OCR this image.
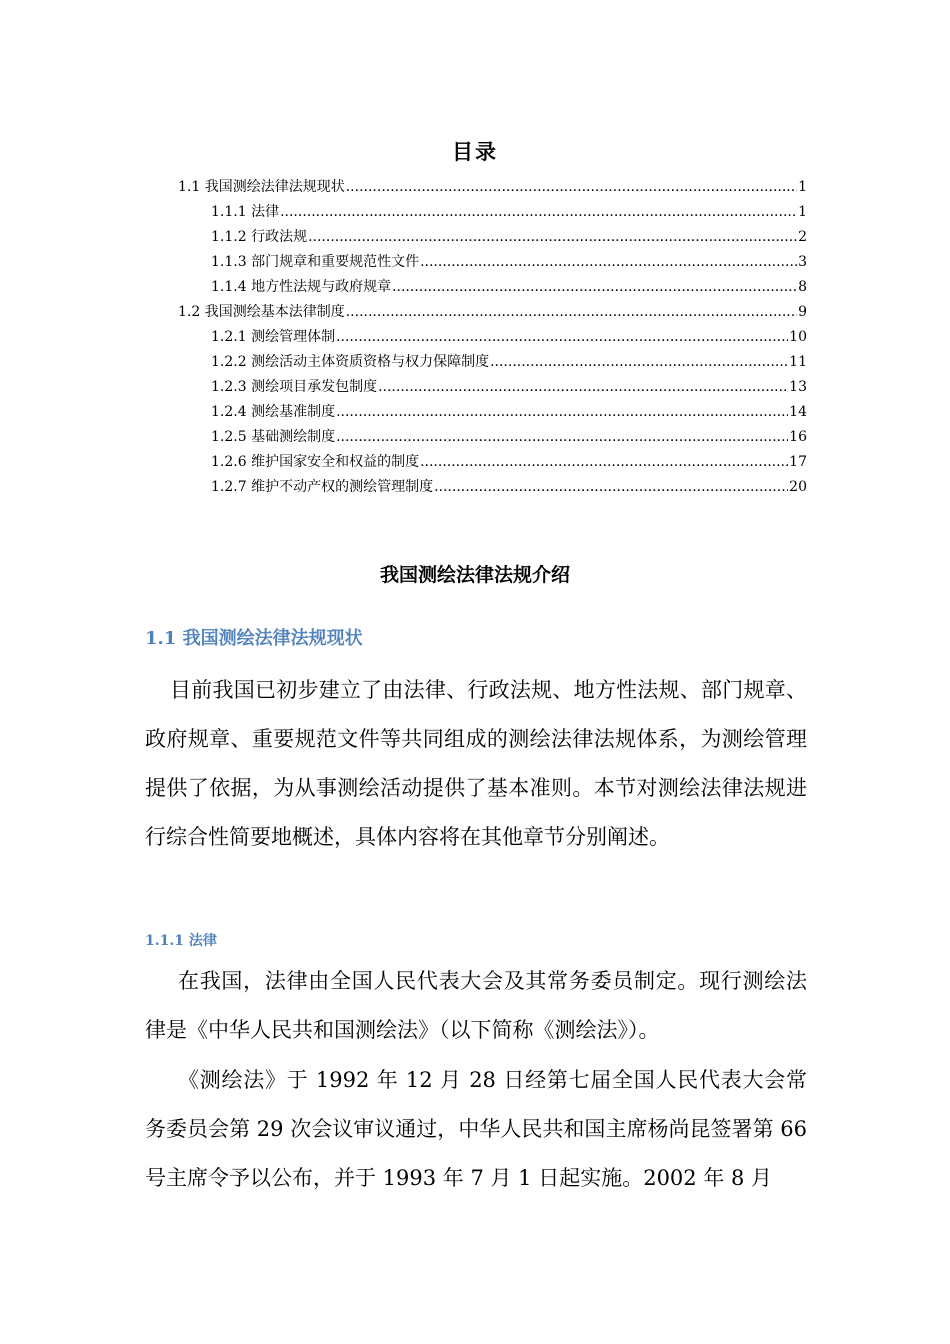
目录
1.1 我国测绘法律法规现状 .....	1
1.1.1 法律 .....	1
1.1.2 行政法规 .....	2
1.1.3 部门规章和重要规范性文件 .....	3
1.1.4 地方性法规与政府规章 .....	8
1.2 我国测绘基本法律制度 .....	9
1.2.1 测绘管理体制 .....	10
1.2.2 测绘活动主体资质资格与权力保障制度 .....	11
1.2.3 测绘项目承发包制度 .....	13
1.2.4 测绘基准制度 .....	14
1.2.5 基础测绘制度 .....	16
1.2.6 维护国家安全和权益的制度 .....	17
1.2.7 维护不动产权的测绘管理制度 .....	20
我国测绘法律法规介绍
1.1 我国测绘法律法规现状
目前我国已初步建立了由法律、行政法规、地方性法规、部门规章、政府规章、重要规范文件等共同组成的测绘法律法规体系，为测绘管理提供了依据，为从事测绘活动提供了基本准则。本节对测绘法律法规进行综合性简要地概述，具体内容将在其他章节分别阐述。
1.1.1 法律
在我国，法律由全国人民代表大会及其常务委员制定。现行测绘法律是《中华人民共和国测绘法》（以下简称《测绘法》）。
《测绘法》于 1992 年 12 月 28 日经第七届全国人民代表大会常务委员会第 29 次会议审议通过，中华人民共和国主席杨尚昆签署第 66 号主席令予以公布，并于 1993 年 7 月 1 日起实施。2002 年 8 月
